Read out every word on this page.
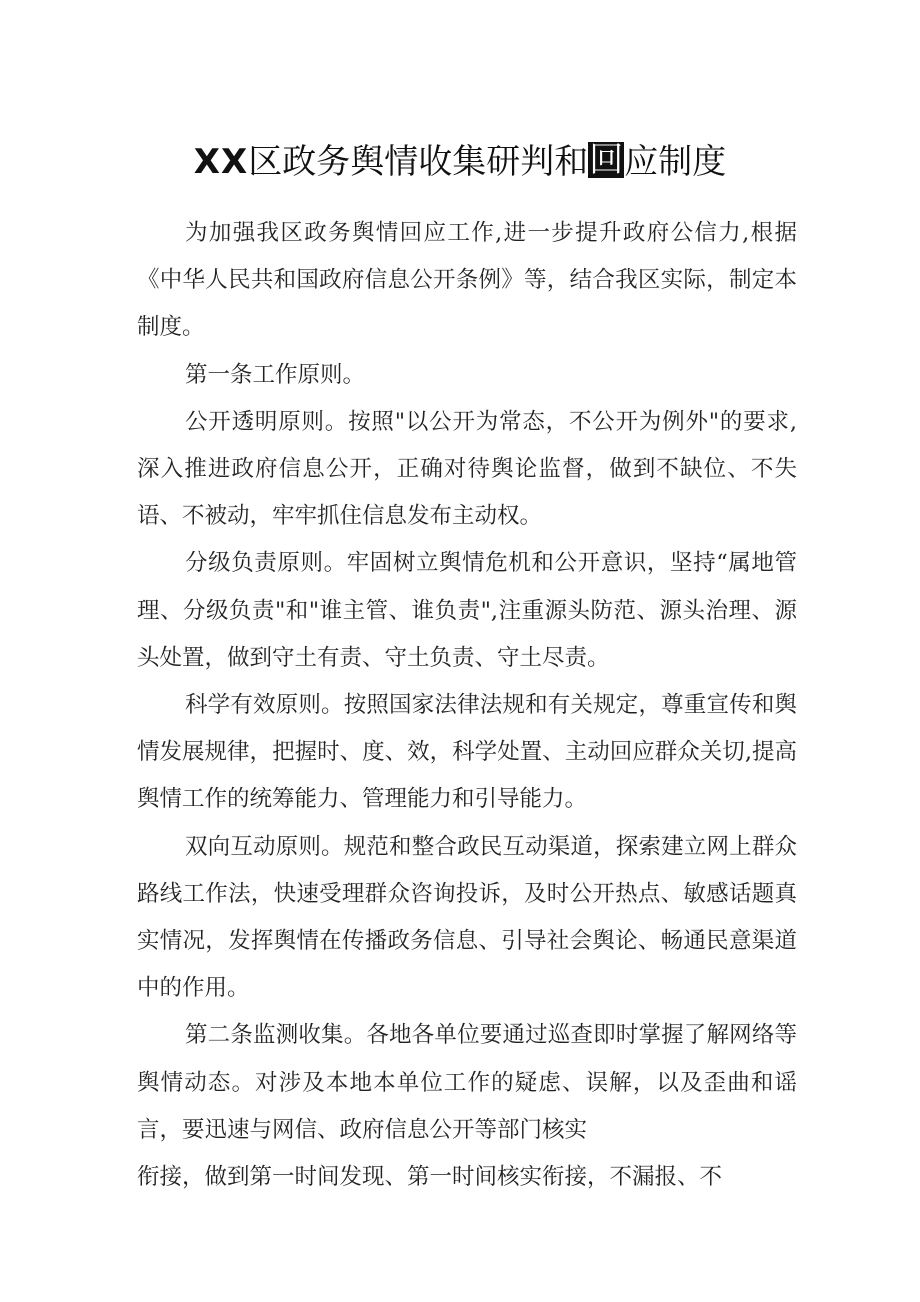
XX区政务舆情收集研判和回应制度

为加强我区政务舆情回应工作,进一步提升政府公信力,根据《中华人民共和国政府信息公开条例》等，结合我区实际，制定本制度。

第一条工作原则。

公开透明原则。按照"以公开为常态，不公开为例外"的要求,深入推进政府信息公开，正确对待舆论监督，做到不缺位、不失语、不被动，牢牢抓住信息发布主动权。

分级负责原则。牢固树立舆情危机和公开意识，坚持“属地管理、分级负责"和"谁主管、谁负责",注重源头防范、源头治理、源头处置，做到守土有责、守土负责、守土尽责。

科学有效原则。按照国家法律法规和有关规定，尊重宣传和舆情发展规律，把握时、度、效，科学处置、主动回应群众关切,提高舆情工作的统筹能力、管理能力和引导能力。

双向互动原则。规范和整合政民互动渠道，探索建立网上群众路线工作法，快速受理群众咨询投诉，及时公开热点、敏感话题真实情况，发挥舆情在传播政务信息、引导社会舆论、畅通民意渠道中的作用。

第二条监测收集。各地各单位要通过巡查即时掌握了解网络等舆情动态。对涉及本地本单位工作的疑虑、误解，以及歪曲和谣言，要迅速与网信、政府信息公开等部门核实

衔接，做到第一时间发现、第一时间核实衔接，不漏报、不
